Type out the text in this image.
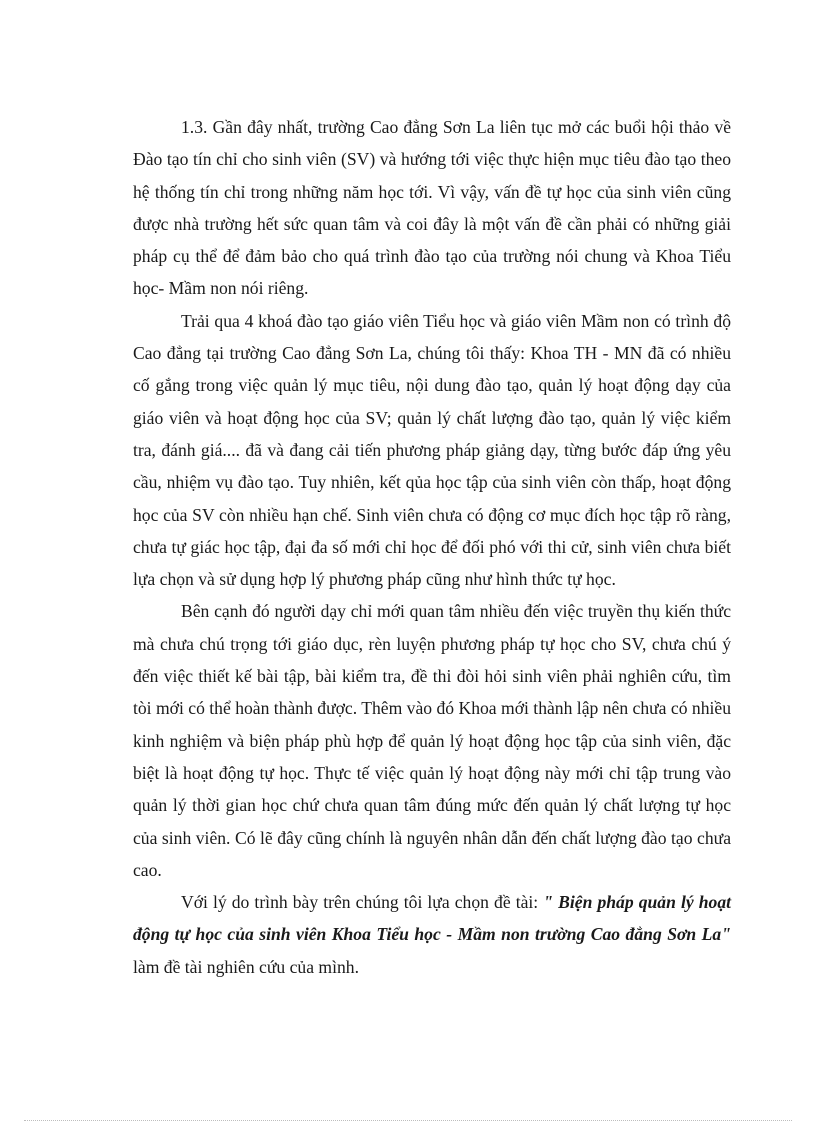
1.3. Gần đây nhất, trường Cao đẳng Sơn La liên tục mở các buổi hội thảo về Đào tạo tín chỉ cho sinh viên (SV) và hướng tới việc thực hiện mục tiêu đào tạo theo hệ thống tín chỉ trong những năm học tới. Vì vậy, vấn đề tự học của sinh viên cũng được nhà trường hết sức quan tâm và coi đây là một vấn đề cần phải có những giải pháp cụ thể để đảm bảo cho quá trình đào tạo của trường nói chung và Khoa Tiểu học- Mầm non nói riêng.

Trải qua 4 khoá đào tạo giáo viên Tiểu học và giáo viên Mầm non có trình độ Cao đẳng tại trường Cao đẳng Sơn La, chúng tôi thấy: Khoa TH - MN đã có nhiều cố gắng trong việc quản lý mục tiêu, nội dung đào tạo, quản lý hoạt động dạy của giáo viên và hoạt động học của SV; quản lý chất lượng đào tạo, quản lý việc kiểm tra, đánh giá.... đã và đang cải tiến phương pháp giảng dạy, từng bước đáp ứng yêu cầu, nhiệm vụ đào tạo. Tuy nhiên, kết qủa học tập của sinh viên còn thấp, hoạt động học của SV còn nhiều hạn chế. Sinh viên chưa có động cơ mục đích học tập rõ ràng, chưa tự giác học tập, đại đa số mới chỉ học để đối phó với thi cử, sinh viên chưa biết lựa chọn và sử dụng hợp lý phương pháp cũng như hình thức tự học.

Bên cạnh đó người dạy chỉ mới quan tâm nhiều đến việc truyền thụ kiến thức mà chưa chú trọng tới giáo dục, rèn luyện phương pháp tự học cho SV, chưa chú ý đến việc thiết kế bài tập, bài kiểm tra, đề thi đòi hỏi sinh viên phải nghiên cứu, tìm tòi mới có thể hoàn thành được. Thêm vào đó Khoa mới thành lập nên chưa có nhiều kinh nghiệm và biện pháp phù hợp để quản lý hoạt động học tập của sinh viên, đặc biệt là hoạt động tự học. Thực tế việc quản lý hoạt động này mới chỉ tập trung vào quản lý thời gian học chứ chưa quan tâm đúng mức đến quản lý chất lượng tự học của sinh viên. Có lẽ đây cũng chính là nguyên nhân dẫn đến chất lượng đào tạo chưa cao.

Với lý do trình bày trên chúng tôi lựa chọn đề tài: " Biện pháp quản lý hoạt động tự học của sinh viên Khoa Tiểu học - Mầm non trường Cao đẳng Sơn La" làm đề tài nghiên cứu của mình.
